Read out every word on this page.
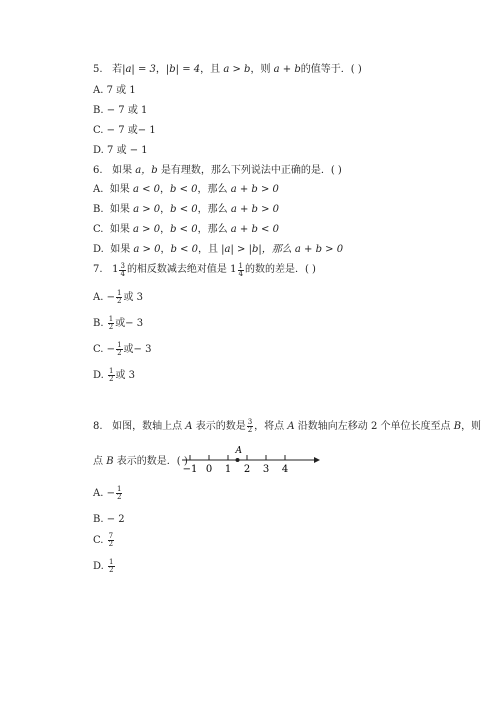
5. 若|a| = 3，|b| = 4，且 a > b，则 a + b的值等于．( )
A. 7 或 1
B. − 7 或 1
C. − 7 或− 1
D. 7 或 − 1
6. 如果 a，b 是有理数，那么下列说法中正确的是．( )
A. 如果 a < 0，b < 0，那么 a + b > 0
B. 如果 a > 0，b < 0，那么 a + b > 0
C. 如果 a > 0，b < 0，那么 a + b < 0
D. 如果 a > 0，b < 0，且 |a| > |b|，那么 a + b > 0
7. $1 \frac{3}{4}$ 的相反数减去绝对值是 $1 \frac{1}{4}$ 的数的差是．( )
A. − $\frac{1}{2}$ 或 3
B. $\frac{1}{2}$ 或− 3
C. − $\frac{1}{2}$ 或− 3
D. $\frac{1}{2}$ 或 3
8. 如图，数轴上点 A 表示的数是 $\frac{3}{2}$ ，将点 A 沿数轴向左移动 2 个单位长度至点 B，则
点 B 表示的数是．( )
−1 0 1 2 3 4
A
A. − $\frac{1}{2}$
B. − 2
C. $\frac{7}{2}$
D. $\frac{1}{2}$
